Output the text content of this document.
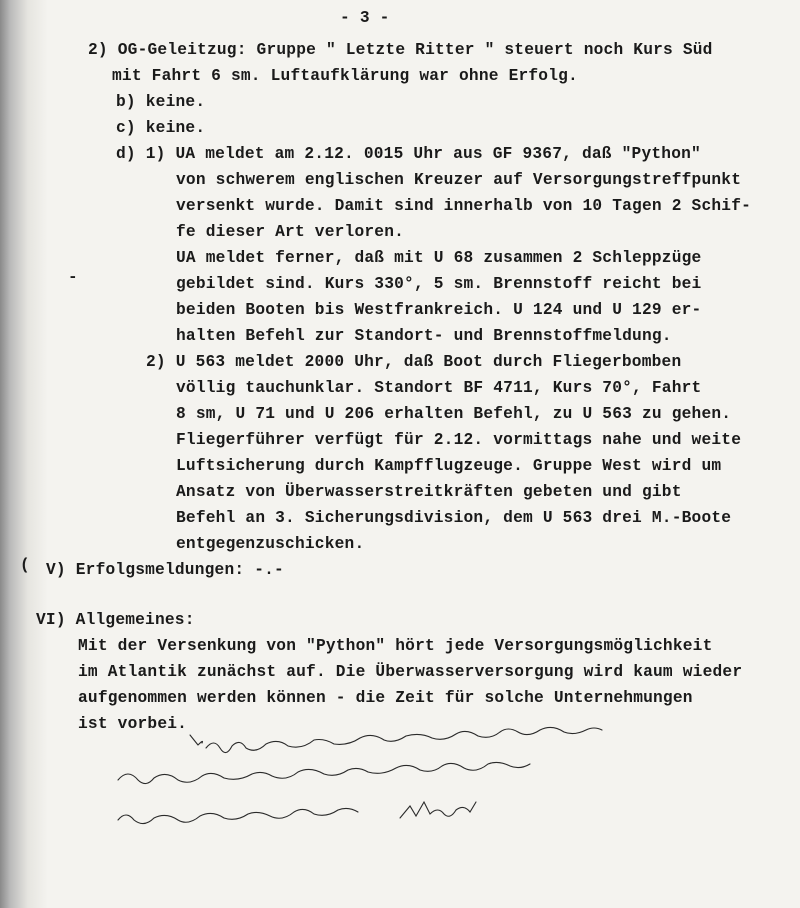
- 3 -
2) OG-Geleitzug: Gruppe " Letzte Ritter " steuert noch Kurs Süd
mit Fahrt 6 sm. Luftaufklärung war ohne Erfolg.
b) keine.
c) keine.
d) 1) UA meldet am 2.12. 0015 Uhr aus GF 9367, daß "Python"
von schwerem englischen Kreuzer auf Versorgungstreffpunkt
versenkt wurde. Damit sind innerhalb von 10 Tagen 2 Schif-
fe dieser Art verloren.
UA meldet ferner, daß mit U 68 zusammen 2 Schleppzüge
gebildet sind. Kurs 330°, 5 sm. Brennstoff reicht bei
beiden Booten bis Westfrankreich. U 124 und U 129 er-
halten Befehl zur Standort- und Brennstoffmeldung.
2) U 563 meldet 2000 Uhr, daß Boot durch Fliegerbomben
völlig tauchunklar. Standort BF 4711, Kurs 70°, Fahrt
8 sm, U 71 und U 206 erhalten Befehl, zu U 563 zu gehen.
Fliegerführer verfügt für 2.12. vormittags nahe und weite
Luftsicherung durch Kampfflugzeuge. Gruppe West wird um
Ansatz von Überwasserstreitkräften gebeten und gibt
Befehl an 3. Sicherungsdivision, dem U 563 drei M.-Boote
entgegenzuschicken.
V) Erfolgsmeldungen: -.-
VI) Allgemeines:
Mit der Versenkung von "Python" hört jede Versorgungsmöglichkeit
im Atlantik zunächst auf. Die Überwasserversorgung wird kaum wieder
aufgenommen werden können - die Zeit für solche Unternehmungen
ist vorbei.
-
(
